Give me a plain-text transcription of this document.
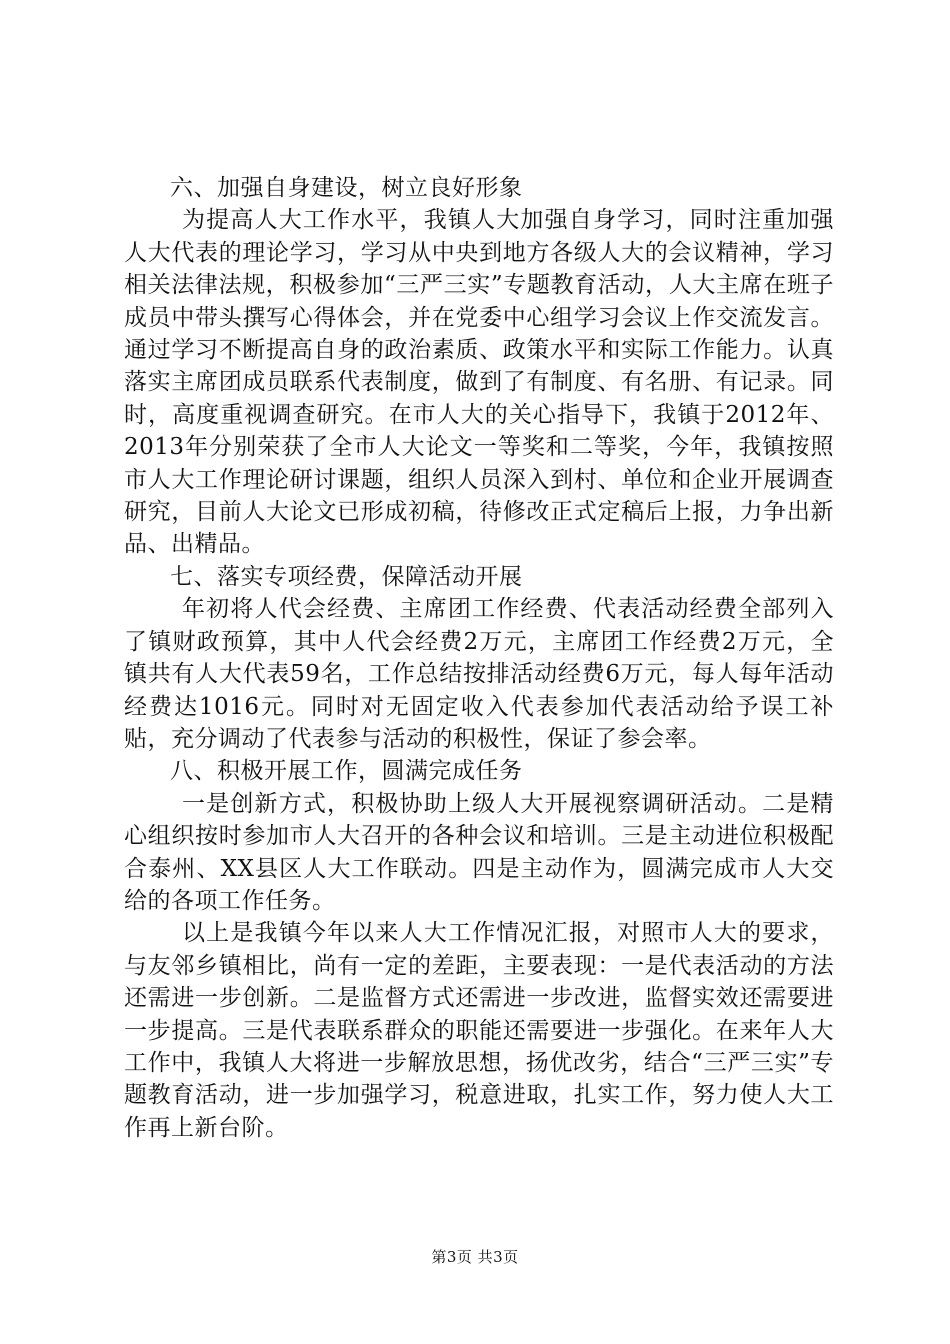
六、加强自身建设，树立良好形象

为提高人大工作水平，我镇人大加强自身学习，同时注重加强人大代表的理论学习，学习从中央到地方各级人大的会议精神，学习相关法律法规，积极参加“三严三实”专题教育活动，人大主席在班子成员中带头撰写心得体会，并在党委中心组学习会议上作交流发言。通过学习不断提高自身的政治素质、政策水平和实际工作能力。认真落实主席团成员联系代表制度，做到了有制度、有名册、有记录。同时，高度重视调查研究。在市人大的关心指导下，我镇于2012年、2013年分别荣获了全市人大论文一等奖和二等奖，今年，我镇按照市人大工作理论研讨课题，组织人员深入到村、单位和企业开展调查研究，目前人大论文已形成初稿，待修改正式定稿后上报，力争出新品、出精品。

七、落实专项经费，保障活动开展

年初将人代会经费、主席团工作经费、代表活动经费全部列入了镇财政预算，其中人代会经费2万元，主席团工作经费2万元，全镇共有人大代表59名，工作总结按排活动经费6万元，每人每年活动经费达1016元。同时对无固定收入代表参加代表活动给予误工补贴，充分调动了代表参与活动的积极性，保证了参会率。

八、积极开展工作，圆满完成任务

一是创新方式，积极协助上级人大开展视察调研活动。二是精心组织按时参加市人大召开的各种会议和培训。三是主动进位积极配合泰州、XX县区人大工作联动。四是主动作为，圆满完成市人大交给的各项工作任务。

以上是我镇今年以来人大工作情况汇报，对照市人大的要求，与友邻乡镇相比，尚有一定的差距，主要表现：一是代表活动的方法还需进一步创新。二是监督方式还需进一步改进，监督实效还需要进一步提高。三是代表联系群众的职能还需要进一步强化。在来年人大工作中，我镇人大将进一步解放思想，扬优改劣，结合“三严三实”专题教育活动，进一步加强学习，税意进取，扎实工作，努力使人大工作再上新台阶。

第3页 共3页
